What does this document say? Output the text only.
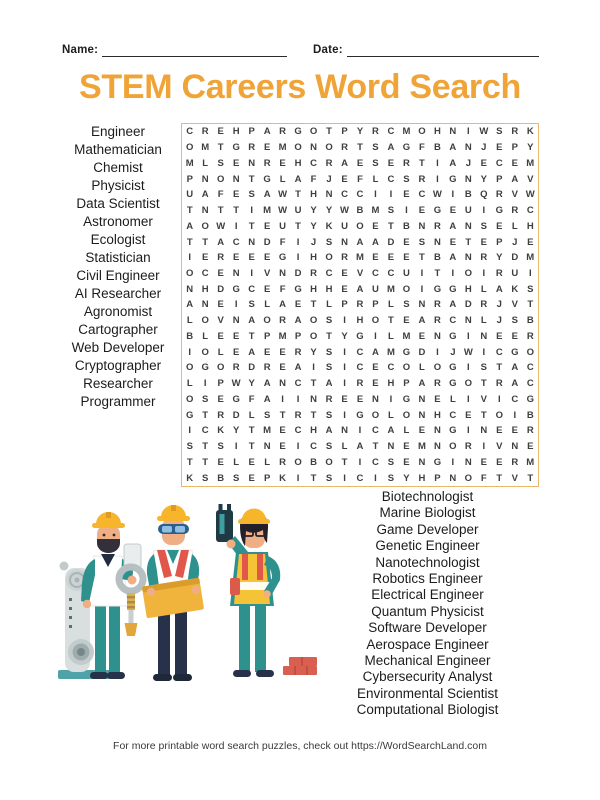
Name:	Date:
STEM Careers Word Search
Engineer
Mathematician
Chemist
Physicist
Data Scientist
Astronomer
Ecologist
Statistician
Civil Engineer
AI Researcher
Agronomist
Cartographer
Web Developer
Cryptographer
Researcher
Programmer
C R E H P A R G O T P Y R C M O H N	I	W S R K
O M T G R E M O N O R T S A G F B A N J	E P Y
M L S E N R E H C R A E S E R T	I	A J	E C E M
P N O N T G L A F	J	E F	L C S R	I	G N Y P A V
U A F E S A W T H N C C	I	I	E C W	I	B Q R V W
T N T	T	I	M W U Y Y W B M S	I	E G E U	I	G R C
A O W	I	T E U T Y K U O E T B N R A N S E L H
T	T A C N D F	I	J	S N A A D E S N E T E P	J	E
I	E R E E E G	I	H O R M E E E T B A N R Y D M
O C E N	I	V N D R C E V C C U	I	T	I	O	I	R U	I
N H D G C E F G H H E A U M O	I	G G H L A K S
A N E	I	S L A E T	L P R P L S N R A D R J	V T
L O V N A O R A O S	I	H O T E A R C N L	J	S B
B L E E T P M P O T Y G	I	L M E N G	I	N E E R
I	O L E A E E R Y S	I	C A M G D	I	J W	I	C G O
O G O R D R E A	I	S	I	C E C O L O G	I	S T A C
L	I	P W Y A N C T A	I	R E H P A R G O T R A C
O S E G F A	I	I	N R E E N	I	G N E L	I	V	I	C G
G T R D L S T R T S	I	G O L O N H C E T O	I	B
I	C K Y T M E C H A N	I	C A L E N G	I	N E E R
S T S	I	T N E	I	C S L A T N E M N O R	I	V N E
T	T E L E L R O B O T	I	C S E N G	I	N E E R M
K S B S E P K	I	T S	I	C	I	S Y H P N O F	T V T
Biotechnologist
Marine Biologist
Game Developer
Genetic Engineer
Nanotechnologist
Robotics Engineer
Electrical Engineer
Quantum Physicist
Software Developer
Aerospace Engineer
Mechanical Engineer
Cybersecurity Analyst
Environmental Scientist
Computational Biologist
For more printable word search puzzles, check out https://WordSearchLand.com
